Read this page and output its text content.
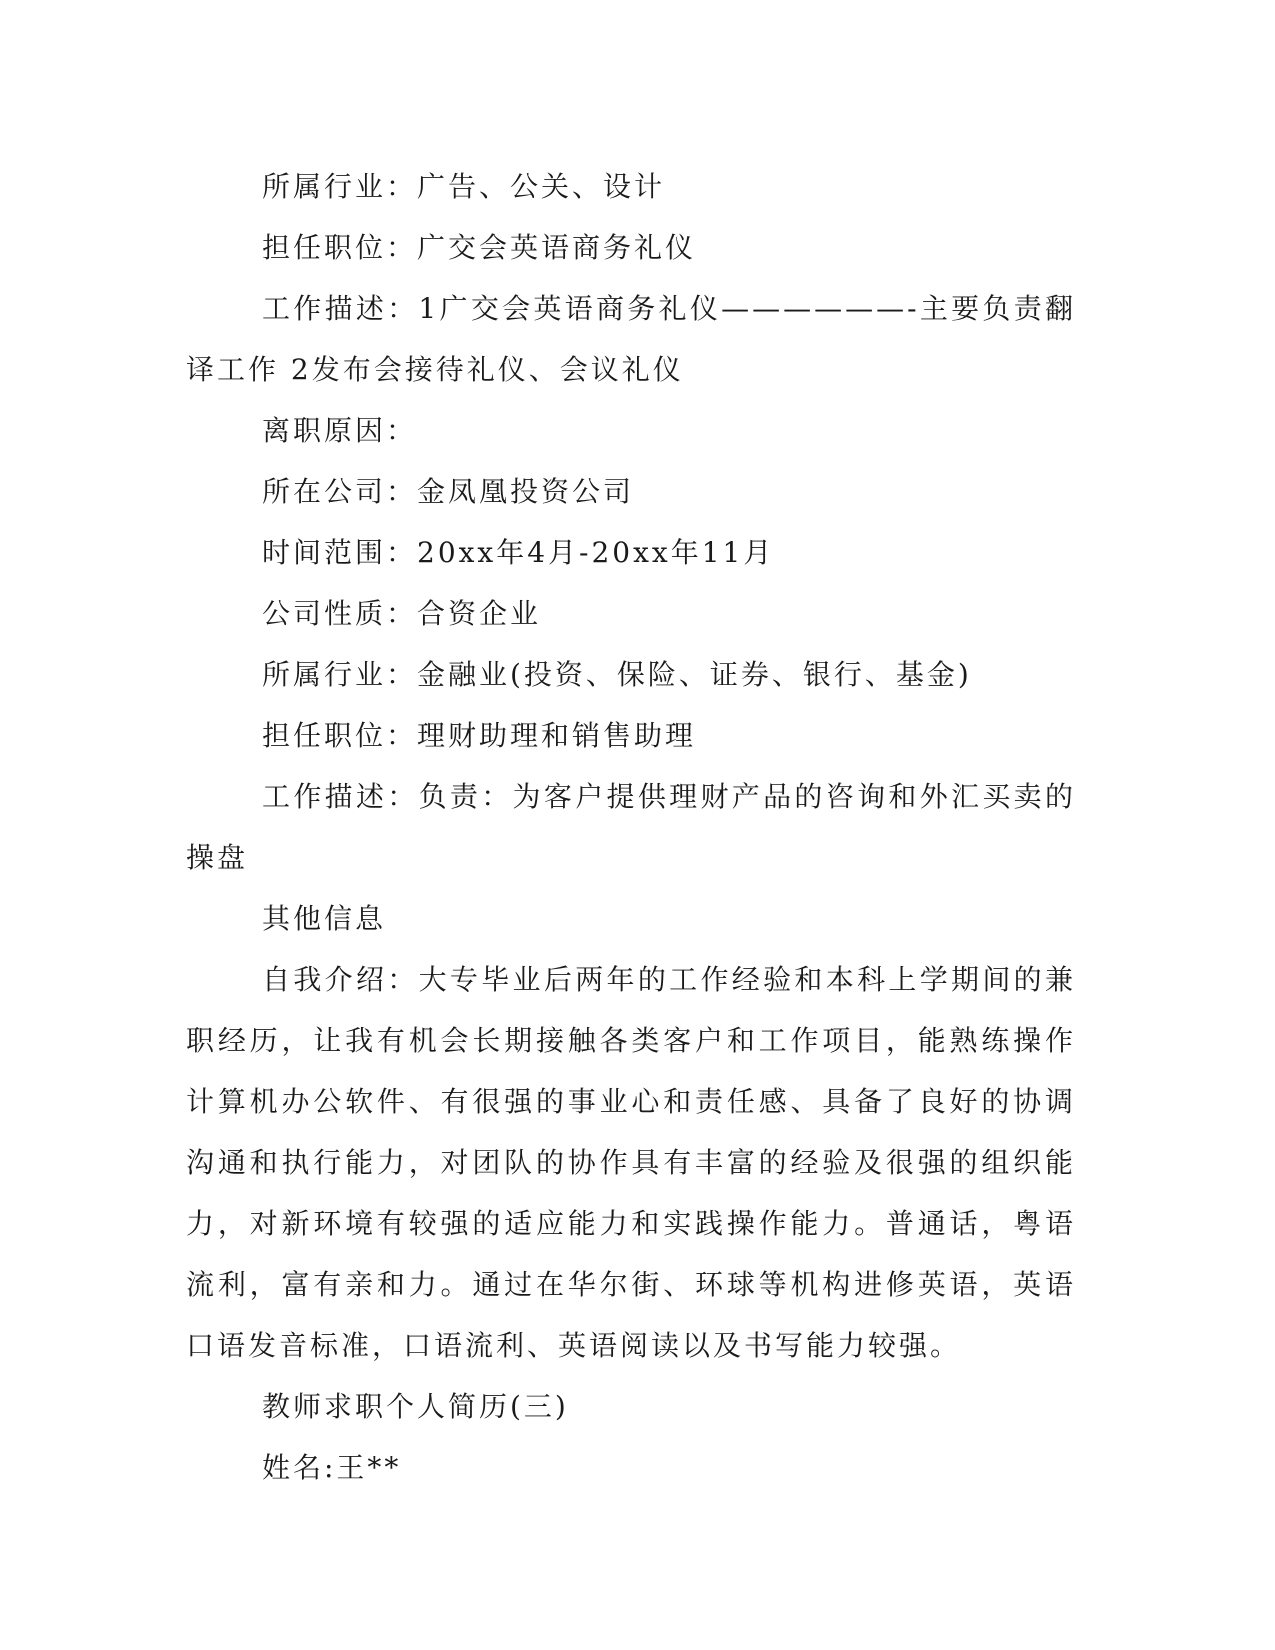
所属行业：广告、公关、设计

担任职位：广交会英语商务礼仪

工作描述：1广交会英语商务礼仪——————-主要负责翻译工作 2发布会接待礼仪、会议礼仪

离职原因：

所在公司：金凤凰投资公司

时间范围：20xx年4月-20xx年11月

公司性质：合资企业

所属行业：金融业(投资、保险、证券、银行、基金)

担任职位：理财助理和销售助理

工作描述：负责：为客户提供理财产品的咨询和外汇买卖的操盘

其他信息

自我介绍：大专毕业后两年的工作经验和本科上学期间的兼职经历，让我有机会长期接触各类客户和工作项目，能熟练操作计算机办公软件、有很强的事业心和责任感、具备了良好的协调沟通和执行能力，对团队的协作具有丰富的经验及很强的组织能力，对新环境有较强的适应能力和实践操作能力。普通话，粤语流利，富有亲和力。通过在华尔街、环球等机构进修英语，英语口语发音标准，口语流利、英语阅读以及书写能力较强。

教师求职个人简历(三)

姓名:王**
